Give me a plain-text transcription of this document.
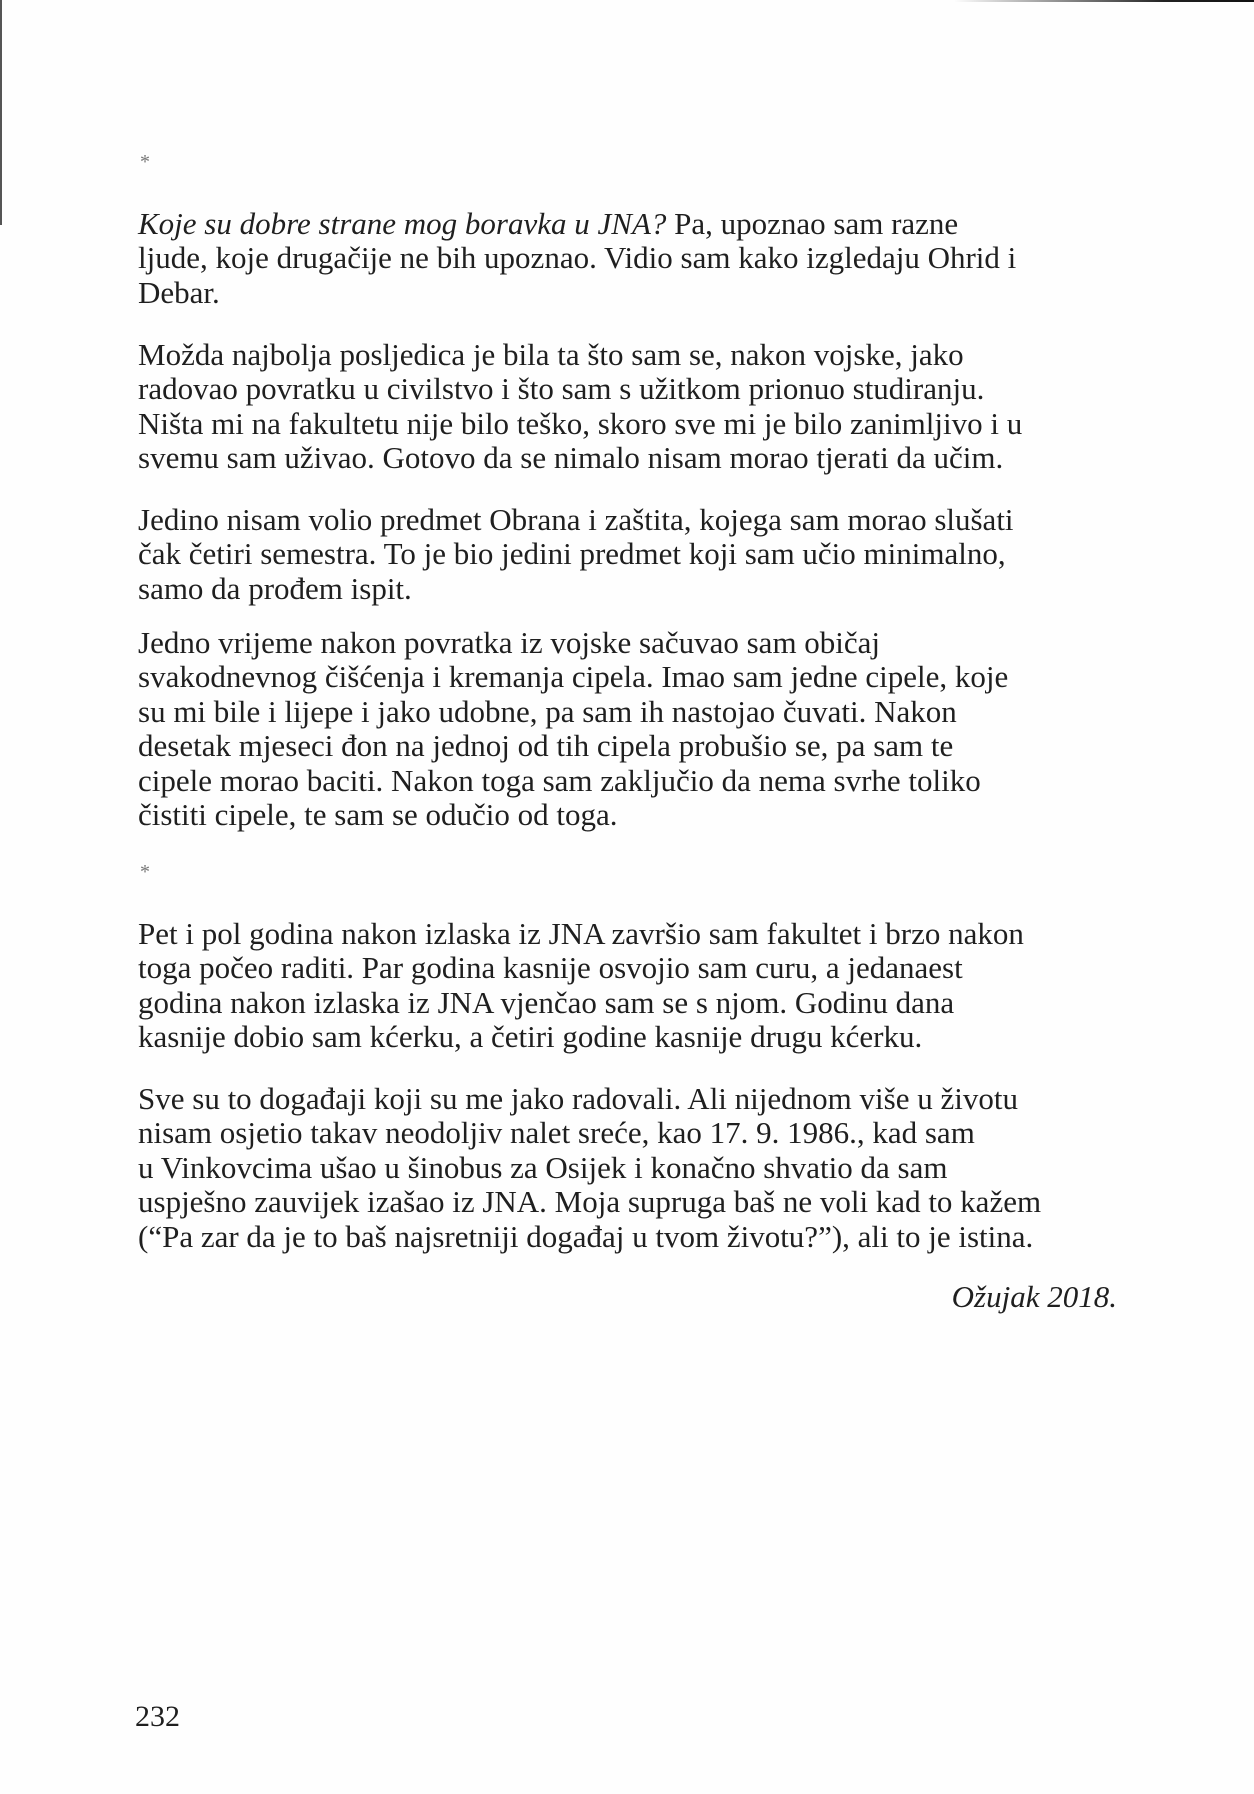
*
Koje su dobre strane mog boravka u JNA? Pa, upoznao sam razne
ljude, koje drugačije ne bih upoznao. Vidio sam kako izgledaju Ohrid i
Debar.
Možda najbolja posljedica je bila ta što sam se, nakon vojske, jako
radovao povratku u civilstvo i što sam s užitkom prionuo studiranju.
Ništa mi na fakultetu nije bilo teško, skoro sve mi je bilo zanimljivo i u
svemu sam uživao. Gotovo da se nimalo nisam morao tjerati da učim.
Jedino nisam volio predmet Obrana i zaštita, kojega sam morao slušati
čak četiri semestra. To je bio jedini predmet koji sam učio minimalno,
samo da prođem ispit.
Jedno vrijeme nakon povratka iz vojske sačuvao sam običaj
svakodnevnog čišćenja i kremanja cipela. Imao sam jedne cipele, koje
su mi bile i lijepe i jako udobne, pa sam ih nastojao čuvati. Nakon
desetak mjeseci đon na jednoj od tih cipela probušio se, pa sam te
cipele morao baciti. Nakon toga sam zaključio da nema svrhe toliko
čistiti cipele, te sam se odučio od toga.
*
Pet i pol godina nakon izlaska iz JNA završio sam fakultet i brzo nakon
toga počeo raditi. Par godina kasnije osvojio sam curu, a jedanaest
godina nakon izlaska iz JNA vjenčao sam se s njom. Godinu dana
kasnije dobio sam kćerku, a četiri godine kasnije drugu kćerku.
Sve su to događaji koji su me jako radovali. Ali nijednom više u životu
nisam osjetio takav neodoljiv nalet sreće, kao 17. 9. 1986., kad sam
u Vinkovcima ušao u šinobus za Osijek i konačno shvatio da sam
uspješno zauvijek izašao iz JNA. Moja supruga baš ne voli kad to kažem
(“Pa zar da je to baš najsretniji događaj u tvom životu?”), ali to je istina.
Ožujak 2018.
232
